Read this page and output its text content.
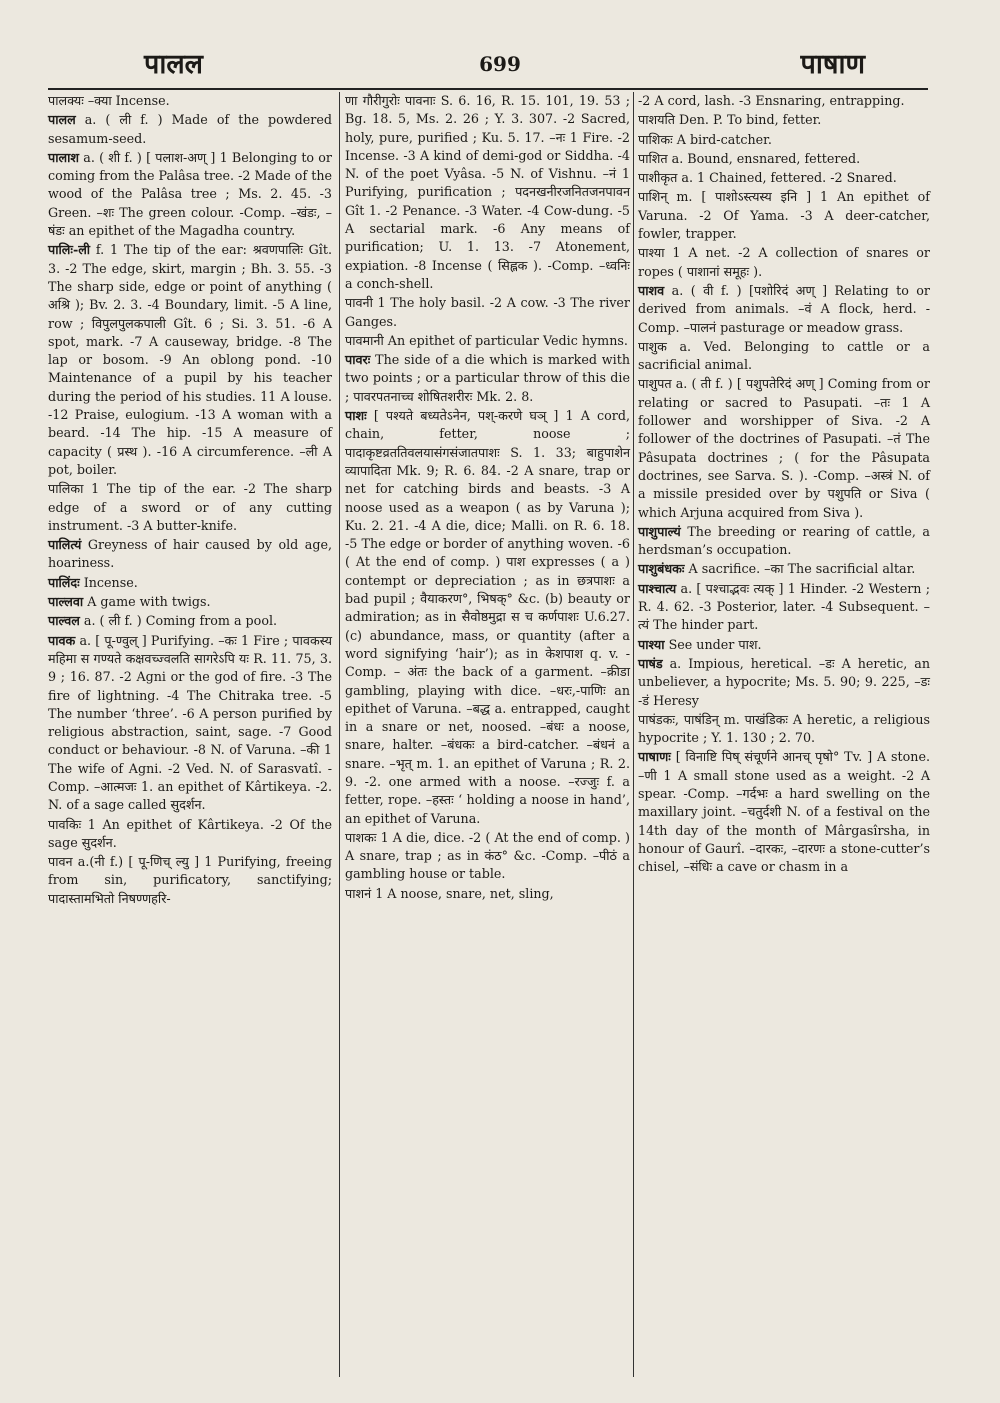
पालल	699	पाषाण

पालक्यः –क्या Incense.

पालल a. ( ली f. ) Made of the powdered sesamum-seed.

पालाश a. ( शी f. ) [ पलाश-अण् ] 1 Belonging to or coming from the Palâsa tree. -2 Made of the wood of the Palâsa tree ; Ms. 2. 45. -3 Green. –शः The green colour. -Comp. –खंडः, –षंडः an epithet of the Magadha country.

पालिः-ली f. 1 The tip of the ear: श्रवणपालिः Gît. 3. -2 The edge, skirt, margin ; Bh. 3. 55. -3 The sharp side, edge or point of anything ( अश्रि ); Bv. 2. 3. -4 Boundary, limit. -5 A line, row ; विपुलपुलकपाली Gît. 6 ; Si. 3. 51. -6 A spot, mark. -7 A causeway, bridge. -8 The lap or bosom. -9 An oblong pond. -10 Maintenance of a pupil by his teacher during the period of his studies. 11 A louse. -12 Praise, eulogium. -13 A woman with a beard. -14 The hip. -15 A measure of capacity ( प्रस्थ ). -16 A circumference. –ली A pot, boiler.

पालिका 1 The tip of the ear. -2 The sharp edge of a sword or of any cutting instrument. -3 A butter-knife.

पालित्यं Greyness of hair caused by old age, hoariness.

पालिंदः Incense.

पाल्लवा A game with twigs.

पाल्वल a. ( ली f. ) Coming from a pool.

पावक a. [ पू-ण्वुल् ] Purifying. –कः 1 Fire ; पावकस्य महिमा स गण्यते कक्षवच्ज्वलति सागरेऽपि यः R. 11. 75, 3. 9 ; 16. 87. -2 Agni or the god of fire. -3 The fire of lightning. -4 The Chitraka tree. -5 The number ‘three’. -6 A person purified by religious abstraction, saint, sage. -7 Good conduct or behaviour. -8 N. of Varuna. –की 1 The wife of Agni. -2 Ved. N. of Sarasvatî. -Comp. –आत्मजः 1. an epithet of Kârtikeya. -2. N. of a sage called सुदर्शन.

पावकिः 1 An epithet of Kârtikeya. -2 Of the sage सुदर्शन.

पावन a.(नी f.) [ पू-णिच् ल्यु ] 1 Purifying, freeing from sin, purificatory, sanctifying; पादास्तामभितो निषण्णहरि-

णा गौरीगुरोः पावनाः S. 6. 16, R. 15. 101, 19. 53 ; Bg. 18. 5, Ms. 2. 26 ; Y. 3. 307. -2 Sacred, holy, pure, purified ; Ku. 5. 17. –नः 1 Fire. -2 Incense. -3 A kind of demi-god or Siddha. -4 N. of the poet Vyâsa. -5 N. of Vishnu. –नं 1 Purifying, purification ; पदनखनीरजनितजनपावन Gît 1. -2 Penance. -3 Water. -4 Cow-dung. -5 A sectarial mark. -6 Any means of purification; U. 1. 13. -7 Atonement, expiation. -8 Incense ( सिह्लक ). -Comp. –ध्वनिः a conch-shell.

पावनी 1 The holy basil. -2 A cow. -3 The river Ganges.

पावमानी An epithet of particular Vedic hymns.

पावरः The side of a die which is marked with two points ; or a particular throw of this die ; पावरपतनाच्च शोषितशरीरः Mk. 2. 8.

पाशः [ पश्यते बध्यतेऽनेन, पश्-करणे घञ् ] 1 A cord, chain, fetter, noose ; पादाकृष्टव्रततिवलयासंगसंजातपाशः S. 1. 33; बाहुपाशेन व्यापादिता Mk. 9; R. 6. 84. -2 A snare, trap or net for catching birds and beasts. -3 A noose used as a weapon ( as by Varuna ); Ku. 2. 21. -4 A die, dice; Malli. on R. 6. 18. -5 The edge or border of anything woven. -6 ( At the end of comp. ) पाश expresses ( a ) contempt or depreciation ; as in छत्रपाशः a bad pupil ; वैयाकरण°, भिषक्° &c. (b) beauty or admiration; as in सैवोष्ठमुद्रा स च कर्णपाशः U.6.27. (c) abundance, mass, or quantity (after a word signifying ‘hair’); as in केशपाश q. v. -Comp. – अंतः the back of a garment. –क्रीडा gambling, playing with dice. –धरः,-पाणिः an epithet of Varuna. –बद्ध a. entrapped, caught in a snare or net, noosed. –बंधः a noose, snare, halter. –बंधकः a bird-catcher. –बंधनं a snare. –भृत् m. 1. an epithet of Varuna ; R. 2. 9. -2. one armed with a noose. –रज्जुः f. a fetter, rope. –हस्तः ‘ holding a noose in hand’, an epithet of Varuna.

पाशकः 1 A die, dice. -2 ( At the end of comp. ) A snare, trap ; as in कंठ° &c. -Comp. –पीठं a gambling house or table.

पाशनं 1 A noose, snare, net, sling,

-2 A cord, lash. -3 Ensnaring, entrapping.

पाशयति Den. P. To bind, fetter.

पाशिकः A bird-catcher.

पाशित a. Bound, ensnared, fettered.

पाशीकृत a. 1 Chained, fettered. -2 Snared.

पाशिन् m. [ पाशोऽस्त्यस्य इनि ] 1 An epithet of Varuna. -2 Of Yama. -3 A deer-catcher, fowler, trapper.

पाश्या 1 A net. -2 A collection of snares or ropes ( पाशानां समूहः ).

पाशव a. ( वी f. ) [पशोरिदं अण् ] Relating to or derived from animals. –वं A flock, herd. -Comp. –पालनं pasturage or meadow grass.

पाशुक a. Ved. Belonging to cattle or a sacrificial animal.

पाशुपत a. ( ती f. ) [ पशुपतेरिदं अण् ] Coming from or relating or sacred to Pasupati. –तः 1 A follower and worshipper of Siva. -2 A follower of the doctrines of Pasupati. –तं The Pâsupata doctrines ; ( for the Pâsupata doctrines, see Sarva. S. ). -Comp. –अस्त्रं N. of a missile presided over by पशुपति or Siva ( which Arjuna acquired from Siva ).

पाशुपाल्यं The breeding or rearing of cattle, a herdsman’s occupation.

पाशुबंधकः A sacrifice. –का The sacrificial altar.

पाश्चात्य a. [ पश्चाद्भवः त्यक् ] 1 Hinder. -2 Western ; R. 4. 62. -3 Posterior, later. -4 Subsequent. –त्यं The hinder part.

पाश्या See under पाश.

पाषंड a. Impious, heretical. –डः A heretic, an unbeliever, a hypocrite; Ms. 5. 90; 9. 225, –डः -डं Heresy

पाषंडकः, पाषंडिन् m. पाखंडिकः A heretic, a religious hypocrite ; Y. 1. 130 ; 2. 70.

पाषाणः [ विनाष्टि पिष् संचूर्णने आनच् पृषो° Tv. ] A stone. –णी 1 A small stone used as a weight. -2 A spear. -Comp. –गर्दभः a hard swelling on the maxillary joint. –चतुर्दशी N. of a festival on the 14th day of the month of Mârgasîrsha, in honour of Gaurî. –दारकः, –दारणः a stone-cutter’s chisel, –संधिः a cave or chasm in a
